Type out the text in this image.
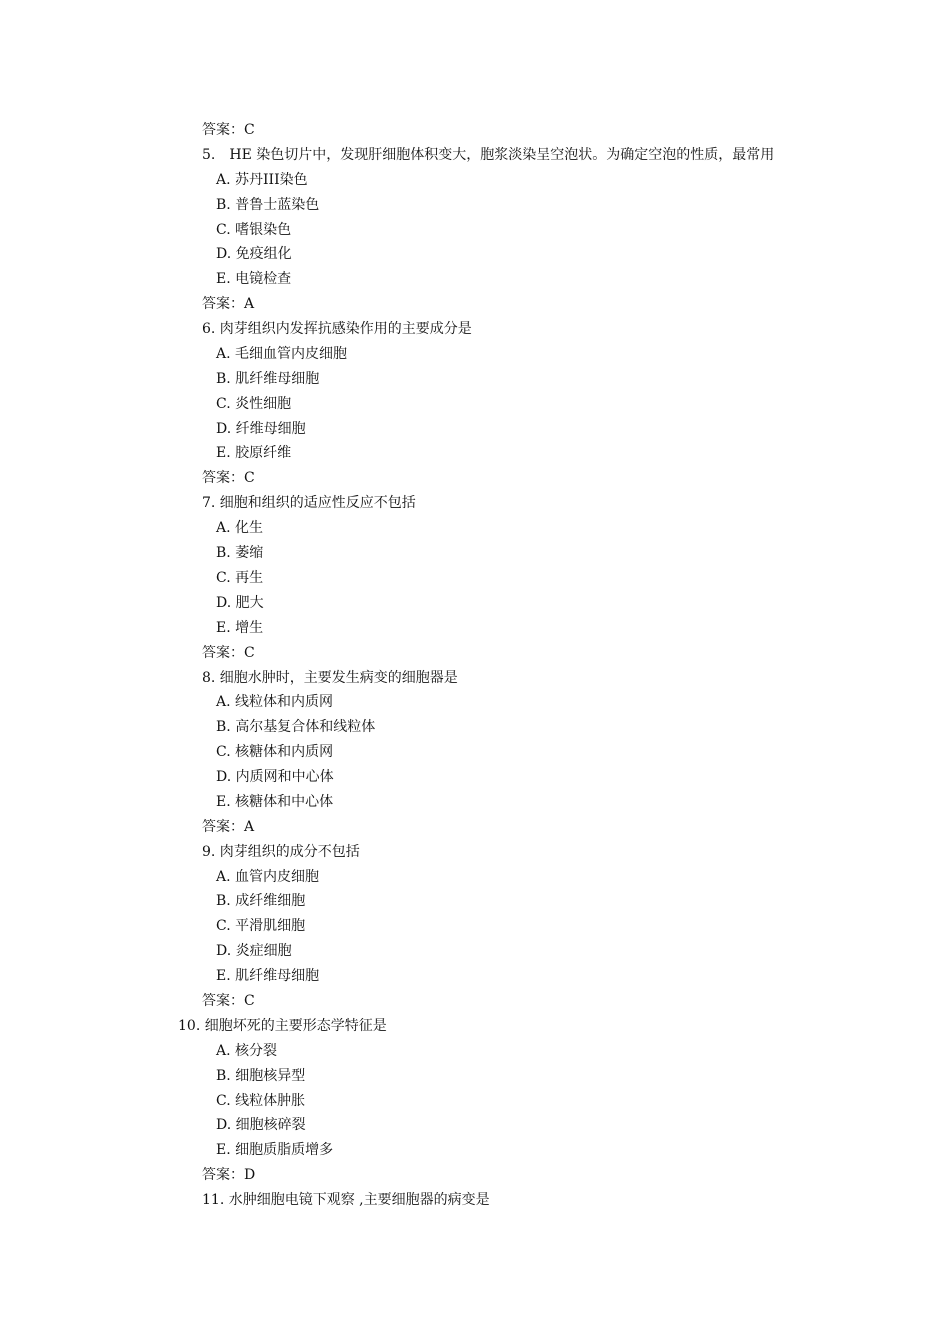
答案：C
5.　HE 染色切片中，发现肝细胞体积变大，胞浆淡染呈空泡状。为确定空泡的性质，最常用
A. 苏丹III染色
B. 普鲁士蓝染色
C. 嗜银染色
D. 免疫组化
E. 电镜检查
答案：A
6. 肉芽组织内发挥抗感染作用的主要成分是
A. 毛细血管内皮细胞
B. 肌纤维母细胞
C. 炎性细胞
D. 纤维母细胞
E. 胶原纤维
答案：C
7. 细胞和组织的适应性反应不包括
A. 化生
B. 萎缩
C. 再生
D. 肥大
E. 增生
答案：C
8. 细胞水肿时，主要发生病变的细胞器是
A. 线粒体和内质网
B. 高尔基复合体和线粒体
C. 核糖体和内质网
D. 内质网和中心体
E. 核糖体和中心体
答案：A
9. 肉芽组织的成分不包括
A. 血管内皮细胞
B. 成纤维细胞
C. 平滑肌细胞
D. 炎症细胞
E. 肌纤维母细胞
答案：C
10. 细胞坏死的主要形态学特征是
A. 核分裂
B. 细胞核异型
C. 线粒体肿胀
D. 细胞核碎裂
E. 细胞质脂质增多
答案：D
11. 水肿细胞电镜下观察 ,主要细胞器的病变是
